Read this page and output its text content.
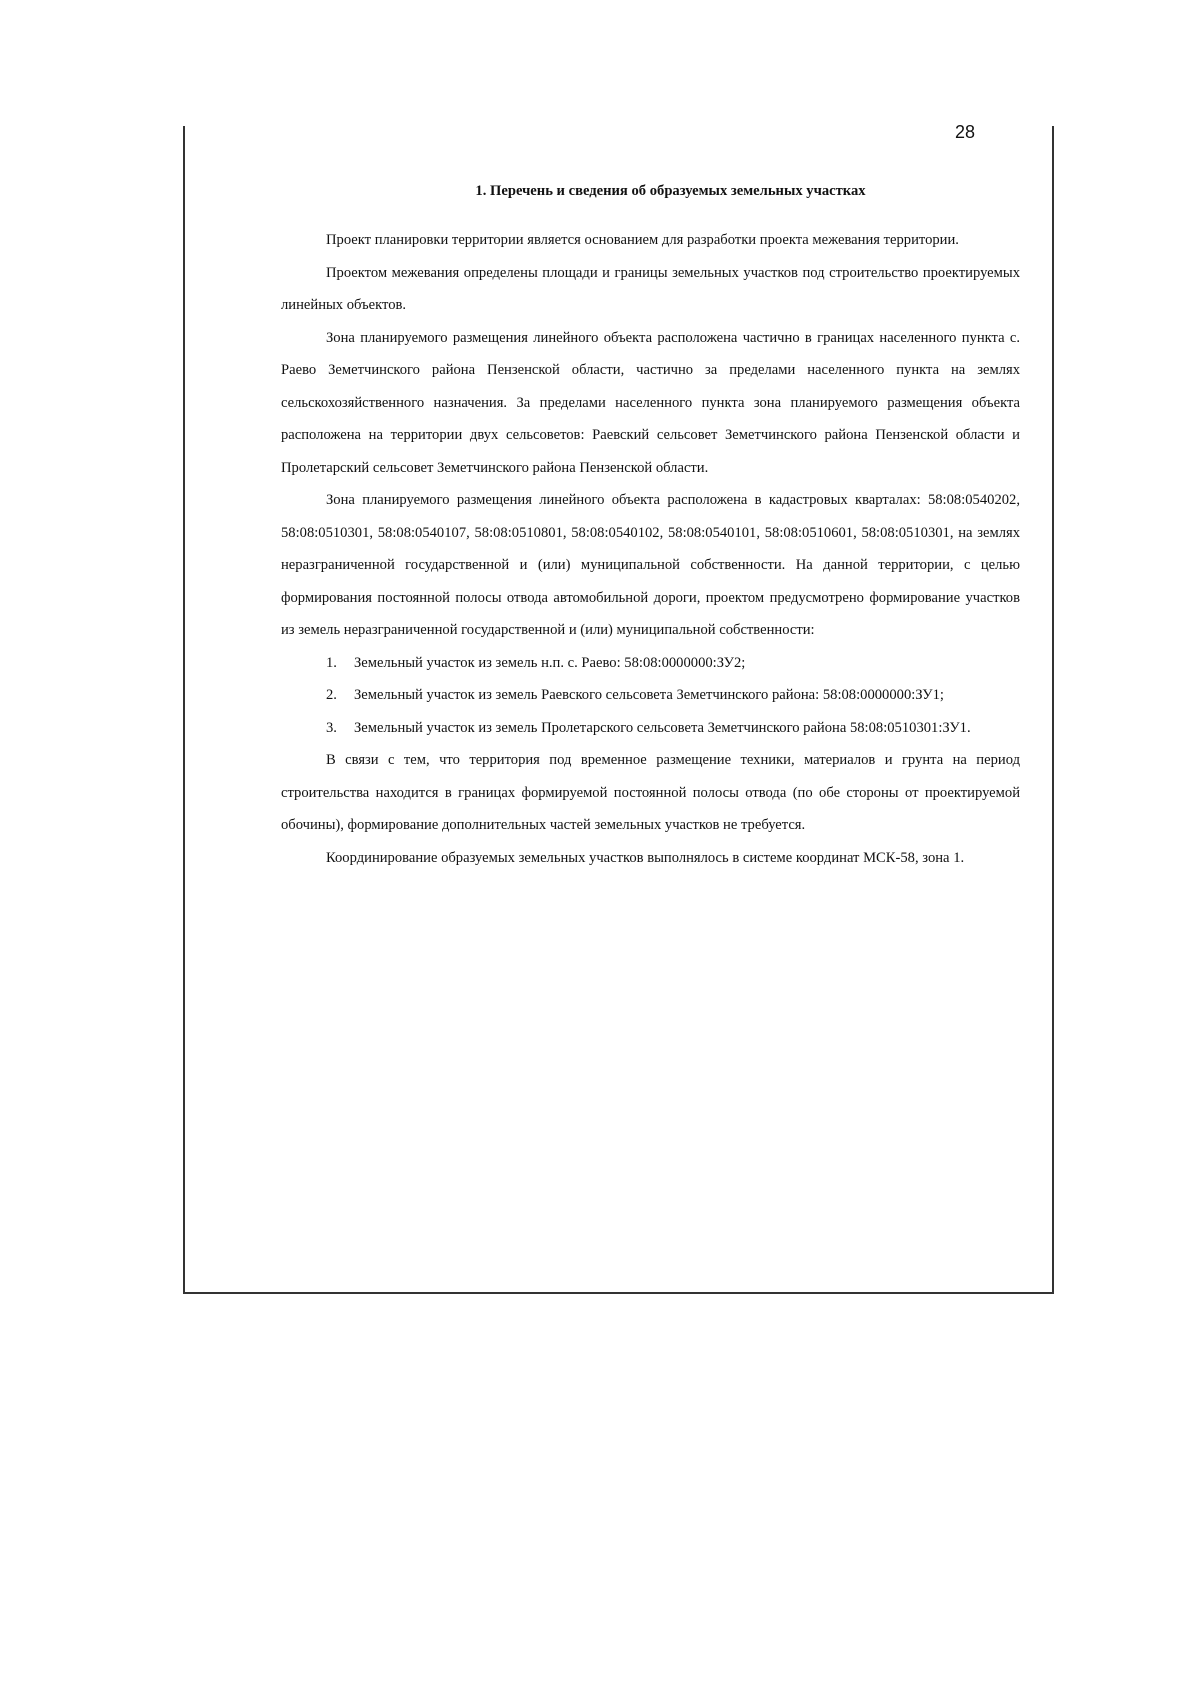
28

1. Перечень и сведения об образуемых земельных участках

Проект планировки территории является основанием для разработки проекта межевания территории.

Проектом межевания определены площади и границы земельных участков под строительство проектируемых линейных объектов.

Зона планируемого размещения линейного объекта расположена частично в границах населенного пункта с. Раево Земетчинского района Пензенской области, частично за пределами населенного пункта на землях сельскохозяйственного назначения. За пределами населенного пункта зона планируемого размещения объекта расположена на территории двух сельсоветов: Раевский сельсовет Земетчинского района Пензенской области и Пролетарский сельсовет Земетчинского района Пензенской области.

Зона планируемого размещения линейного объекта расположена в кадастровых кварталах: 58:08:0540202, 58:08:0510301, 58:08:0540107, 58:08:0510801, 58:08:0540102, 58:08:0540101, 58:08:0510601, 58:08:0510301, на землях неразграниченной государственной и (или) муниципальной собственности. На данной территории, с целью формирования постоянной полосы отвода автомобильной дороги, проектом предусмотрено формирование участков из земель неразграниченной государственной и (или) муниципальной собственности:

1. Земельный участок из земель н.п. с. Раево: 58:08:0000000:ЗУ2;
2. Земельный участок из земель Раевского сельсовета Земетчинского района: 58:08:0000000:ЗУ1;
3. Земельный участок из земель Пролетарского сельсовета Земетчинского района 58:08:0510301:ЗУ1.

В связи с тем, что территория под временное размещение техники, материалов и грунта на период строительства находится в границах формируемой постоянной полосы отвода (по обе стороны от проектируемой обочины), формирование дополнительных частей земельных участков не требуется.

Координирование образуемых земельных участков выполнялось в системе координат МСК-58, зона 1.
